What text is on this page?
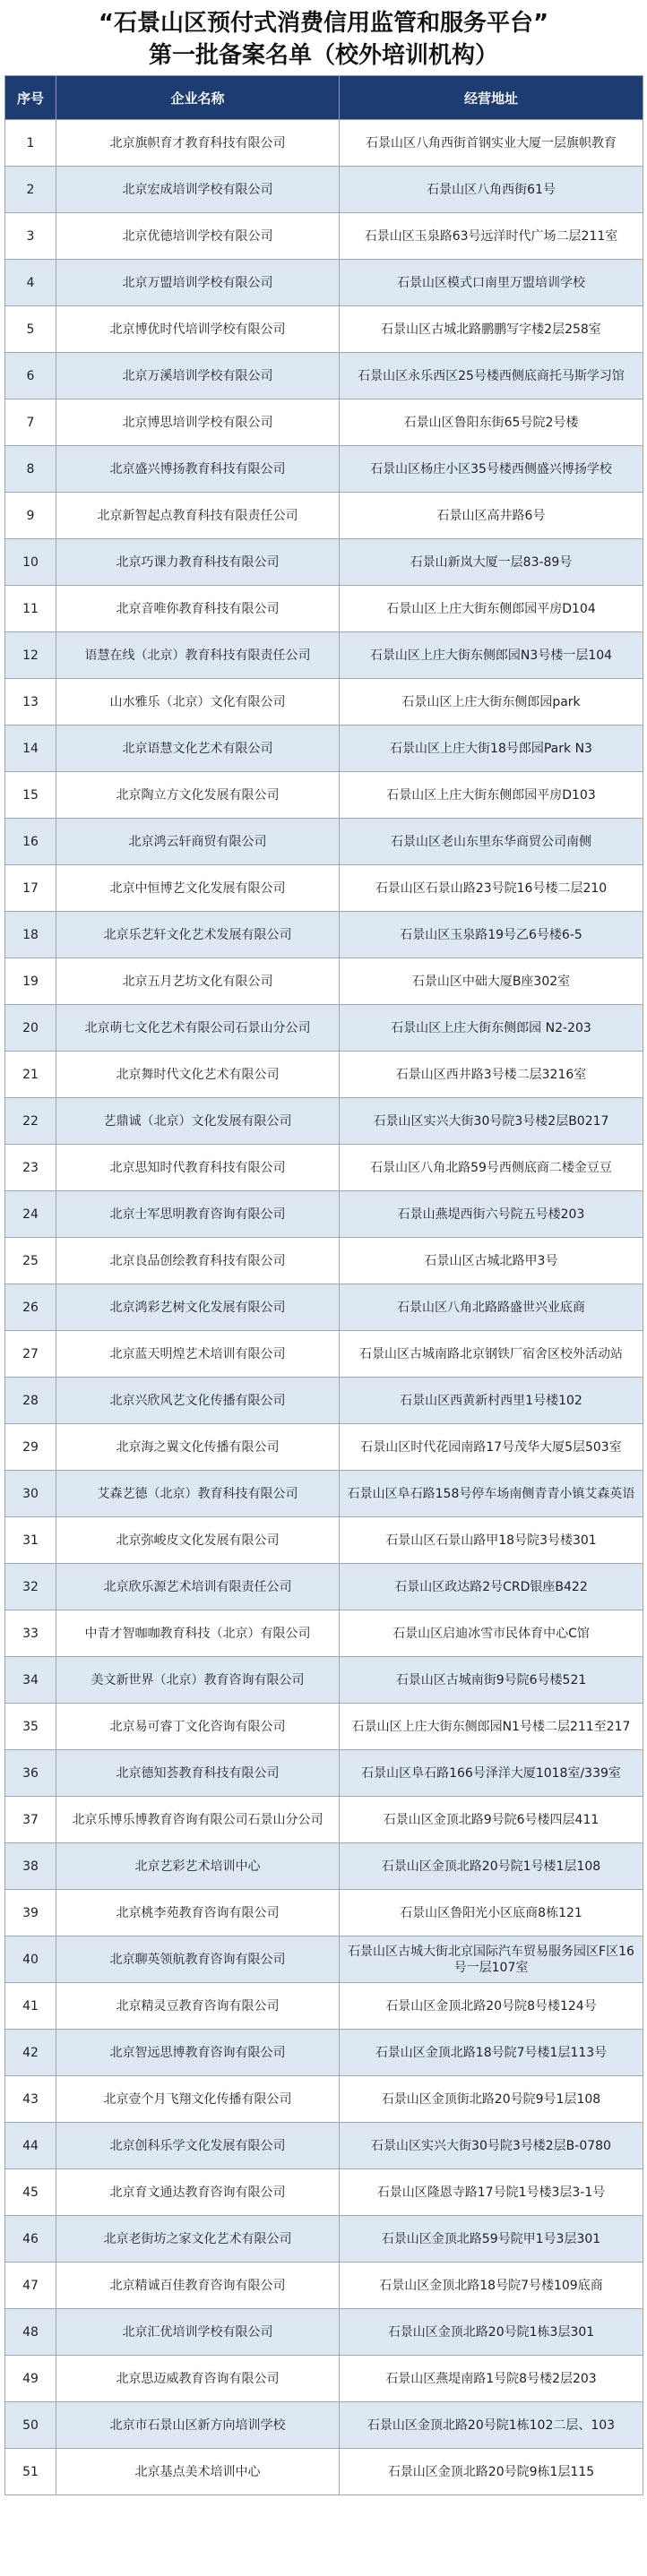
“石景山区预付式消费信用监管和服务平台”
第一批备案名单（校外培训机构）
序号	企业名称	经营地址
1	北京旗帜育才教育科技有限公司	石景山区八角西街首钢实业大厦一层旗帜教育
2	北京宏成培训学校有限公司	石景山区八角西街61号
3	北京优德培训学校有限公司	石景山区玉泉路63号远洋时代广场二层211室
4	北京万盟培训学校有限公司	石景山区模式口南里万盟培训学校
5	北京博优时代培训学校有限公司	石景山区古城北路鹏鹏写字楼2层258室
6	北京万溪培训学校有限公司	石景山区永乐西区25号楼西侧底商托马斯学习馆
7	北京博思培训学校有限公司	石景山区鲁阳东街65号院2号楼
8	北京盛兴博扬教育科技有限公司	石景山区杨庄小区35号楼西侧盛兴博扬学校
9	北京新智起点教育科技有限责任公司	石景山区高井路6号
10	北京巧课力教育科技有限公司	石景山新岚大厦一层83-89号
11	北京音唯你教育科技有限公司	石景山区上庄大街东侧郎园平房D104
12	语慧在线（北京）教育科技有限责任公司	石景山区上庄大街东侧郎园N3号楼一层104
13	山水雅乐（北京）文化有限公司	石景山区上庄大街东侧郎园park
14	北京语慧文化艺术有限公司	石景山区上庄大街18号郎园Park N3
15	北京陶立方文化发展有限公司	石景山区上庄大街东侧郎园平房D103
16	北京鸿云轩商贸有限公司	石景山区老山东里东华商贸公司南侧
17	北京中恒博艺文化发展有限公司	石景山区石景山路23号院16号楼二层210
18	北京乐艺轩文化艺术发展有限公司	石景山区玉泉路19号乙6号楼6-5
19	北京五月艺坊文化有限公司	石景山区中础大厦B座302室
20	北京萌七文化艺术有限公司石景山分公司	石景山区上庄大街东侧郎园 N2-203
21	北京舞时代文化艺术有限公司	石景山区西井路3号楼二层3216室
22	艺鼎诚（北京）文化发展有限公司	石景山区实兴大街30号院3号楼2层B0217
23	北京思知时代教育科技有限公司	石景山区八角北路59号西侧底商二楼金豆豆
24	北京士军思明教育咨询有限公司	石景山燕堤西街六号院五号楼203
25	北京良品创绘教育科技有限公司	石景山区古城北路甲3号
26	北京鸿彩艺树文化发展有限公司	石景山区八角北路路盛世兴业底商
27	北京蓝天明煌艺术培训有限公司	石景山区古城南路北京钢铁厂宿舍区校外活动站
28	北京兴欣风艺文化传播有限公司	石景山区西黄新村西里1号楼102
29	北京海之翼文化传播有限公司	石景山区时代花园南路17号茂华大厦5层503室
30	艾森艺德（北京）教育科技有限公司	石景山区阜石路158号停车场南侧青青小镇艾森英语
31	北京弥峻皮文化发展有限公司	石景山区石景山路甲18号院3号楼301
32	北京欣乐源艺术培训有限责任公司	石景山区政达路2号CRD银座B422
33	中青才智咖咖教育科技（北京）有限公司	石景山区启迪冰雪市民体育中心C馆
34	美文新世界（北京）教育咨询有限公司	石景山区古城南街9号院6号楼521
35	北京易可睿丁文化咨询有限公司	石景山区上庄大街东侧郎园N1号楼二层211至217
36	北京德知荟教育科技有限公司	石景山区阜石路166号泽洋大厦1018室/339室
37	北京乐博乐博教育咨询有限公司石景山分公司	石景山区金顶北路9号院6号楼四层411
38	北京艺彩艺术培训中心	石景山区金顶北路20号院1号楼1层108
39	北京桃李苑教育咨询有限公司	石景山区鲁阳光小区底商8栋121
40	北京聊英领航教育咨询有限公司	石景山区古城大街北京国际汽车贸易服务园区F区16号一层107室
41	北京精灵豆教育咨询有限公司	石景山区金顶北路20号院8号楼124号
42	北京智远思博教育咨询有限公司	石景山区金顶北路18号院7号楼1层113号
43	北京壹个月飞翔文化传播有限公司	石景山区金顶街北路20号院9号1层108
44	北京创科乐学文化发展有限公司	石景山区实兴大街30号院3号楼2层B-0780
45	北京育文通达教育咨询有限公司	石景山区隆恩寺路17号院1号楼3层3-1号
46	北京老街坊之家文化艺术有限公司	石景山区金顶北路59号院甲1号3层301
47	北京精诚百佳教育咨询有限公司	石景山区金顶北路18号院7号楼109底商
48	北京汇优培训学校有限公司	石景山区金顶北路20号院1栋3层301
49	北京思迈威教育咨询有限公司	石景山区燕堤南路1号院8号楼2层203
50	北京市石景山区新方向培训学校	石景山区金顶北路20号院1栋102二层、103
51	北京基点美术培训中心	石景山区金顶北路20号院9栋1层115
